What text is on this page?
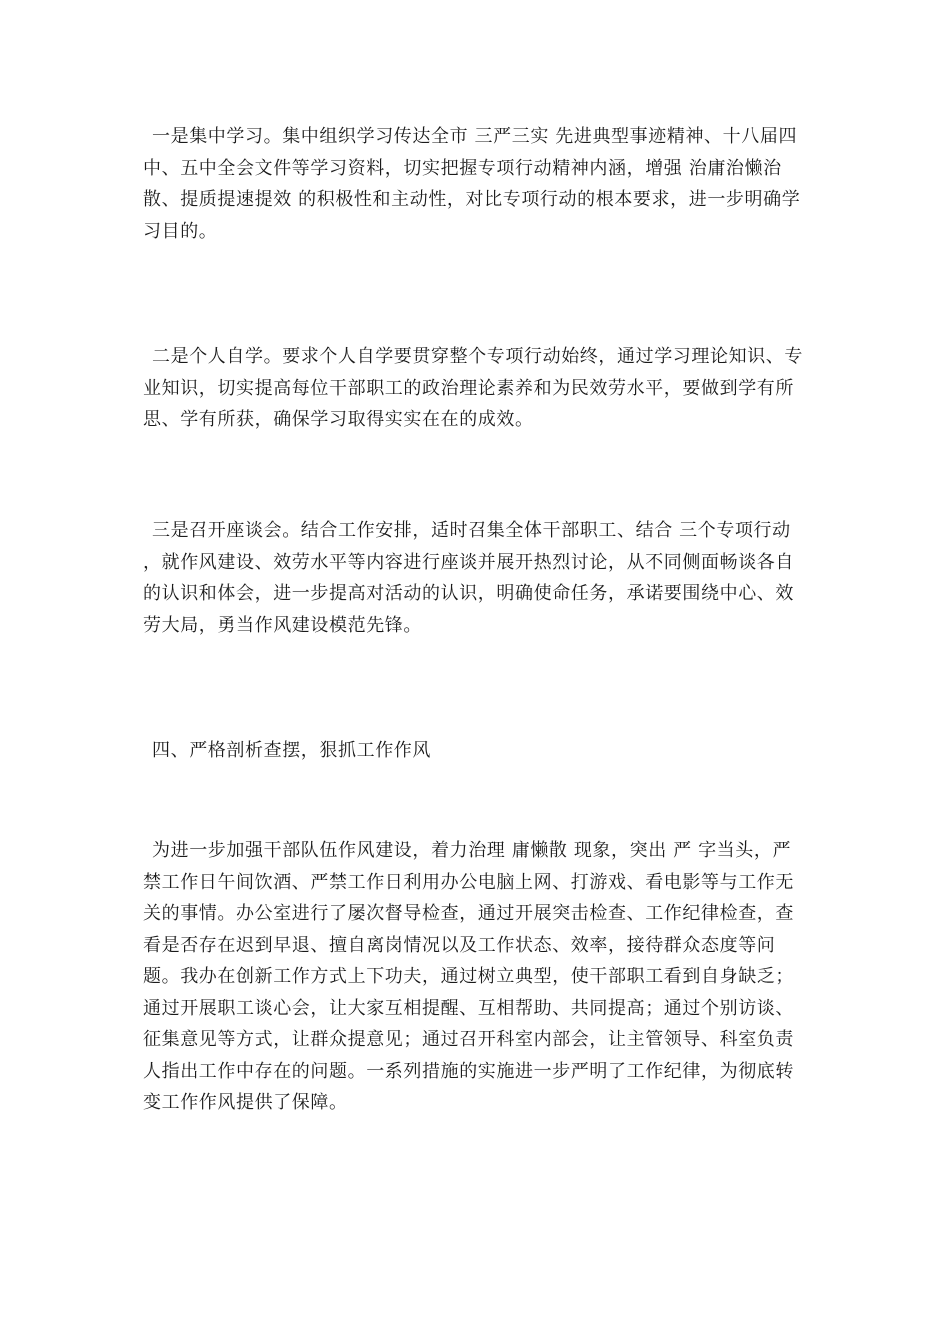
一是集中学习。集中组织学习传达全市 三严三实 先进典型事迹精神、十八届四中、五中全会文件等学习资料，切实把握专项行动精神内涵，增强 治庸治懒治散、提质提速提效 的积极性和主动性，对比专项行动的根本要求，进一步明确学习目的。

二是个人自学。要求个人自学要贯穿整个专项行动始终，通过学习理论知识、专业知识，切实提高每位干部职工的政治理论素养和为民效劳水平，要做到学有所思、学有所获，确保学习取得实实在在的成效。

三是召开座谈会。结合工作安排，适时召集全体干部职工、结合 三个专项行动 ，就作风建设、效劳水平等内容进行座谈并展开热烈讨论，从不同侧面畅谈各自的认识和体会，进一步提高对活动的认识，明确使命任务，承诺要围绕中心、效劳大局，勇当作风建设模范先锋。

四、严格剖析查摆，狠抓工作作风

为进一步加强干部队伍作风建设，着力治理 庸懒散 现象，突出 严 字当头，严禁工作日午间饮酒、严禁工作日利用办公电脑上网、打游戏、看电影等与工作无关的事情。办公室进行了屡次督导检查，通过开展突击检查、工作纪律检查，查看是否存在迟到早退、擅自离岗情况以及工作状态、效率，接待群众态度等问题。我办在创新工作方式上下功夫，通过树立典型，使干部职工看到自身缺乏；通过开展职工谈心会，让大家互相提醒、互相帮助、共同提高；通过个别访谈、征集意见等方式，让群众提意见；通过召开科室内部会，让主管领导、科室负责人指出工作中存在的问题。一系列措施的实施进一步严明了工作纪律，为彻底转变工作作风提供了保障。
